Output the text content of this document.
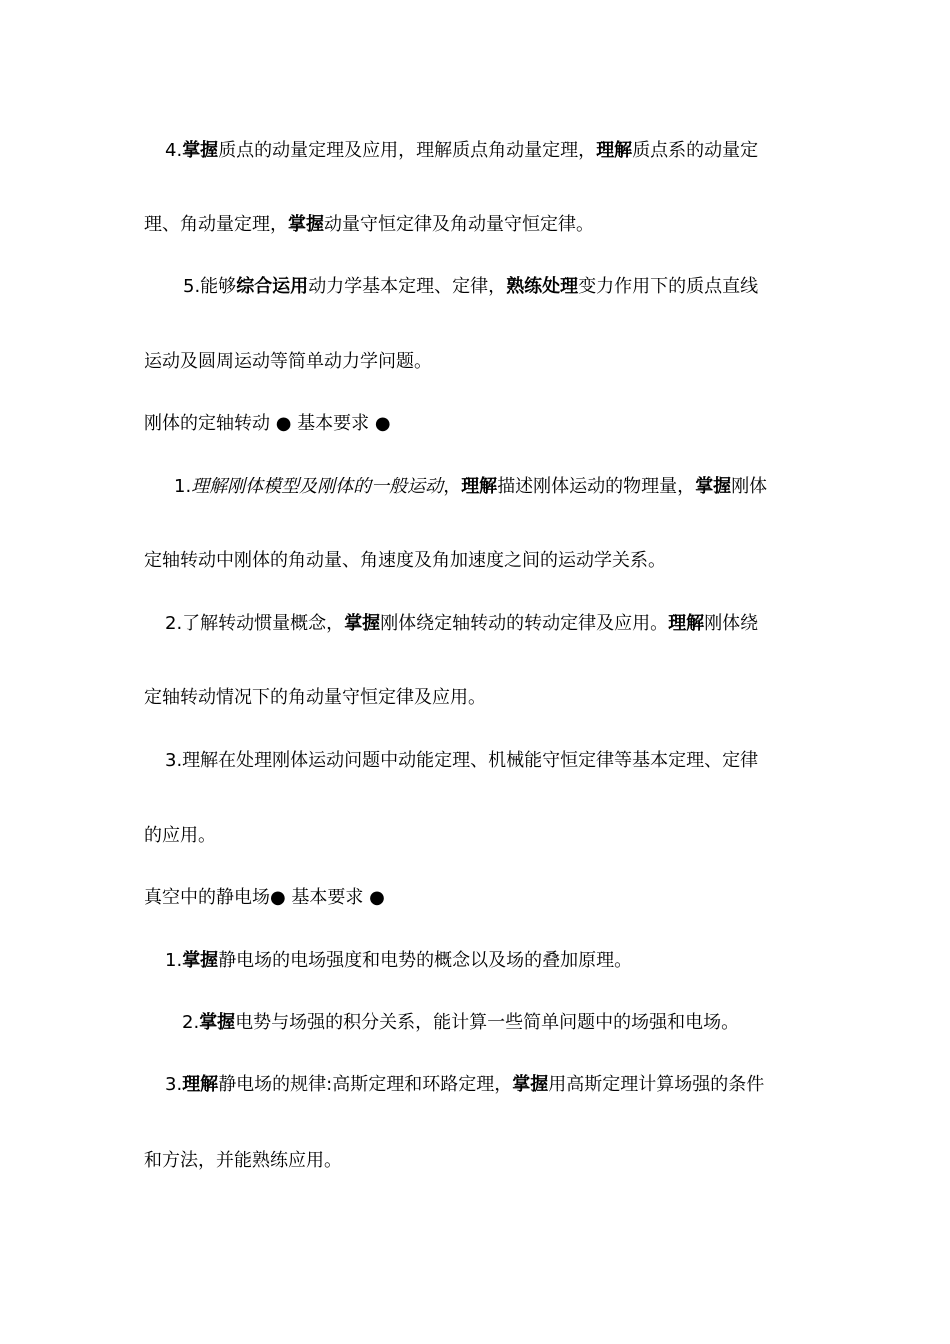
4.掌握质点的动量定理及应用，理解质点角动量定理，理解质点系的动量定
理、角动量定理，掌握动量守恒定律及角动量守恒定律。
5.能够综合运用动力学基本定理、定律，熟练处理变力作用下的质点直线
运动及圆周运动等简单动力学问题。
刚体的定轴转动 ● 基本要求 ●
1.理解刚体模型及刚体的一般运动，理解描述刚体运动的物理量，掌握刚体
定轴转动中刚体的角动量、角速度及角加速度之间的运动学关系。
2.了解转动惯量概念，掌握刚体绕定轴转动的转动定律及应用。理解刚体绕
定轴转动情况下的角动量守恒定律及应用。
3.理解在处理刚体运动问题中动能定理、机械能守恒定律等基本定理、定律
的应用。
真空中的静电场● 基本要求 ●
1.掌握静电场的电场强度和电势的概念以及场的叠加原理。
2.掌握电势与场强的积分关系，能计算一些简单问题中的场强和电场。
3.理解静电场的规律:高斯定理和环路定理，掌握用高斯定理计算场强的条件
和方法，并能熟练应用。
